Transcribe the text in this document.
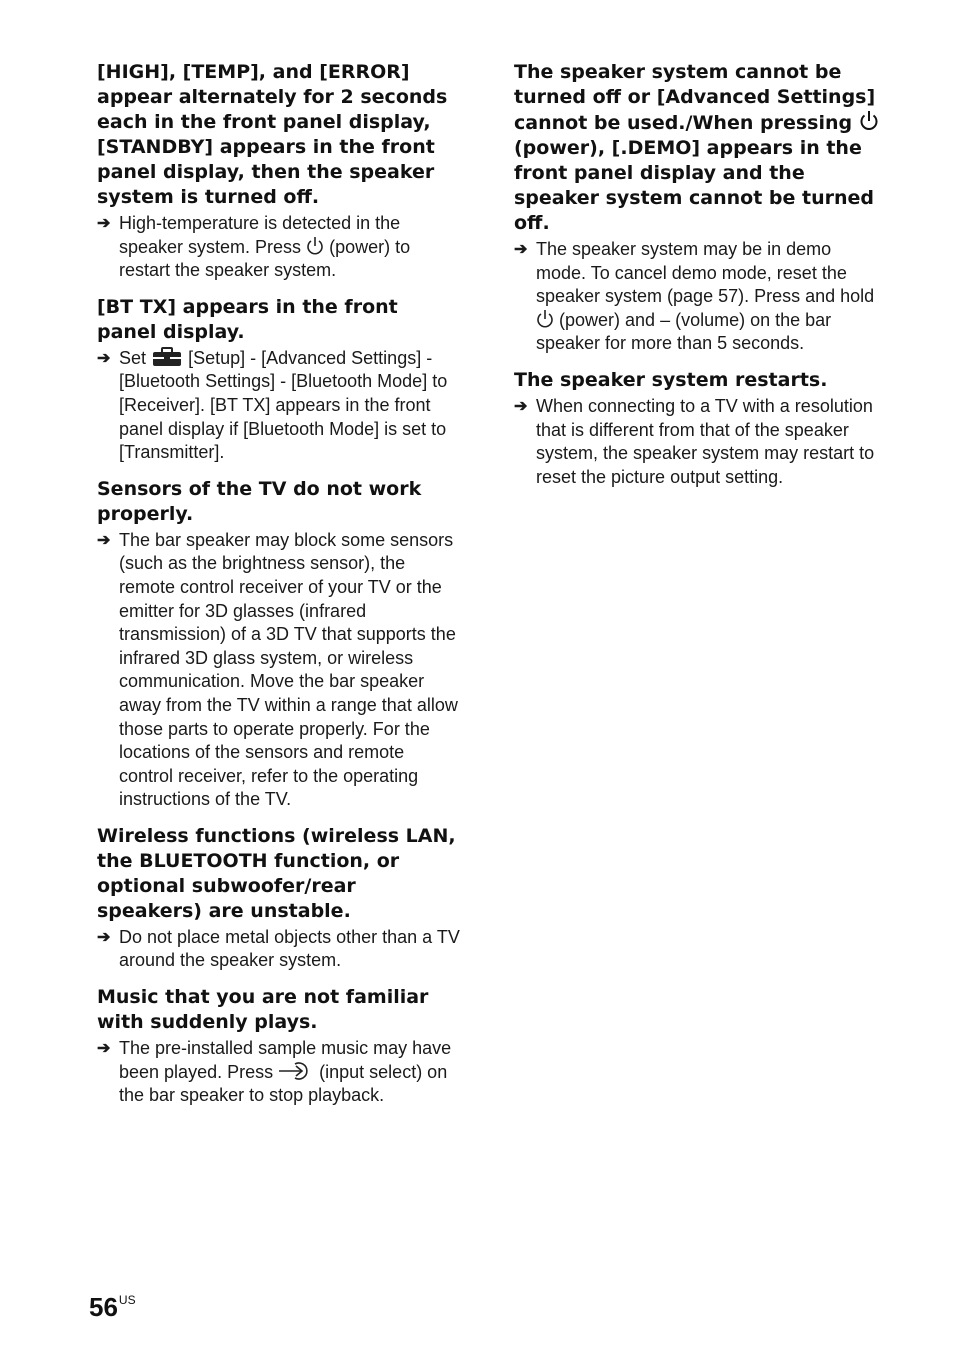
[HIGH], [TEMP], and [ERROR] appear alternately for 2 seconds each in the front panel display, [STANDBY] appears in the front panel display, then the speaker system is turned off.
➔ High-temperature is detected in the speaker system. Press (power) to restart the speaker system.
[BT TX] appears in the front panel display.
➔ Set [Setup] - [Advanced Settings] - [Bluetooth Settings] - [Bluetooth Mode] to [Receiver]. [BT TX] appears in the front panel display if [Bluetooth Mode] is set to [Transmitter].
Sensors of the TV do not work properly.
➔ The bar speaker may block some sensors (such as the brightness sensor), the remote control receiver of your TV or the emitter for 3D glasses (infrared transmission) of a 3D TV that supports the infrared 3D glass system, or wireless communication. Move the bar speaker away from the TV within a range that allow those parts to operate properly. For the locations of the sensors and remote control receiver, refer to the operating instructions of the TV.
Wireless functions (wireless LAN, the BLUETOOTH function, or optional subwoofer/rear speakers) are unstable.
➔ Do not place metal objects other than a TV around the speaker system.
Music that you are not familiar with suddenly plays.
➔ The pre-installed sample music may have been played. Press	(input select) on the bar speaker to stop playback.
The speaker system cannot be turned off or [Advanced Settings] cannot be used./When pressing  (power), [.DEMO] appears in the front panel display and the speaker system cannot be turned off.
➔ The speaker system may be in demo mode. To cancel demo mode, reset the speaker system (page 57). Press and hold  (power) and – (volume) on the bar speaker for more than 5 seconds.
The speaker system restarts.
➔ When connecting to a TV with a resolution that is different from that of the speaker system, the speaker system may restart to reset the picture output setting.
$56^{US}$
